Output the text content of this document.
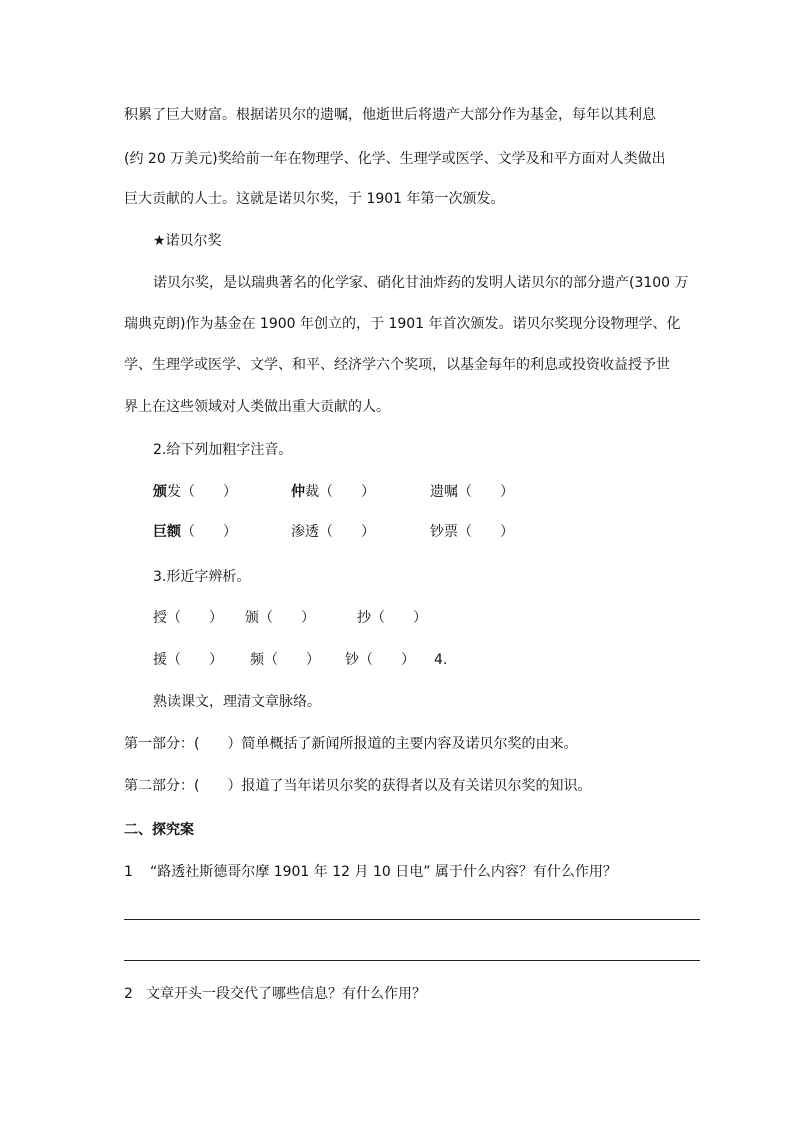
积累了巨大财富。根据诺贝尔的遗嘱，他逝世后将遗产大部分作为基金，每年以其利息
(约 20 万美元)奖给前一年在物理学、化学、生理学或医学、文学及和平方面对人类做出
巨大贡献的人士。这就是诺贝尔奖，于 1901 年第一次颁发。
★诺贝尔奖
诺贝尔奖，是以瑞典著名的化学家、硝化甘油炸药的发明人诺贝尔的部分遗产(3100 万
瑞典克朗)作为基金在 1900 年创立的，于 1901 年首次颁发。诺贝尔奖现分设物理学、化
学、生理学或医学、文学、和平、经济学六个奖项，以基金每年的利息或投资收益授予世
界上在这些领域对人类做出重大贡献的人。
2.给下列加粗字注音。
颁发（　　）	仲裁（　　）	遗嘱（　　）
巨额（　　）	渗透（　　）	钞票（　　）
3.形近字辨析。
授（　　） 颁（　　）	抄（　　）
援（　　） 频（　　） 钞（　　） 4.
熟读课文，理清文章脉络。
第一部分：(　　）简单概括了新闻所报道的主要内容及诺贝尔奖的由来。
第二部分：(　　）报道了当年诺贝尔奖的获得者以及有关诺贝尔奖的知识。
二、探究案
1 “路透社斯德哥尔摩 1901 年 12 月 10 日电” 属于什么内容？有什么作用？
2 文章开头一段交代了哪些信息？有什么作用？
